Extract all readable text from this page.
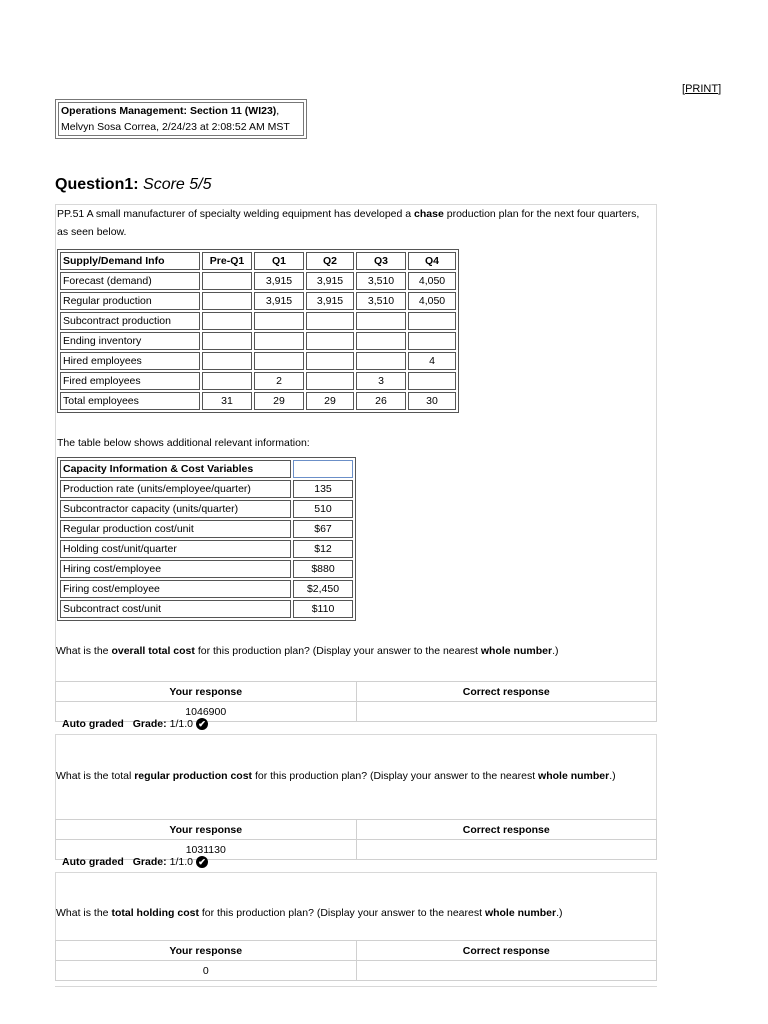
[PRINT]
Operations Management: Section 11 (WI23),
Melvyn Sosa Correa, 2/24/23 at 2:08:52 AM MST
Question1: Score 5/5
PP.51 A small manufacturer of specialty welding equipment has developed a chase production plan for the next four quarters, as seen below.
Supply/Demand Info	Pre-Q1	Q1	Q2	Q3	Q4
Forecast (demand)		3,915	3,915	3,510	4,050
Regular production		3,915	3,915	3,510	4,050
Subcontract production					
Ending inventory					
Hired employees					4
Fired employees		2		3	
Total employees	31	29	29	26	30
The table below shows additional relevant information:
Capacity Information & Cost Variables	
Production rate (units/employee/quarter)	135
Subcontractor capacity (units/quarter)	510
Regular production cost/unit	$67
Holding cost/unit/quarter	$12
Hiring cost/employee	$880
Firing cost/employee	$2,450
Subcontract cost/unit	$110
What is the overall total cost for this production plan? (Display your answer to the nearest whole number.)
Your response	Correct response
1046900	
Auto graded
Grade: 1/1.0 ✔
What is the total regular production cost for this production plan? (Display your answer to the nearest whole number.)
Your response	Correct response
1031130	
Auto graded
Grade: 1/1.0 ✔
What is the total holding cost for this production plan? (Display your answer to the nearest whole number.)
Your response	Correct response
0	
